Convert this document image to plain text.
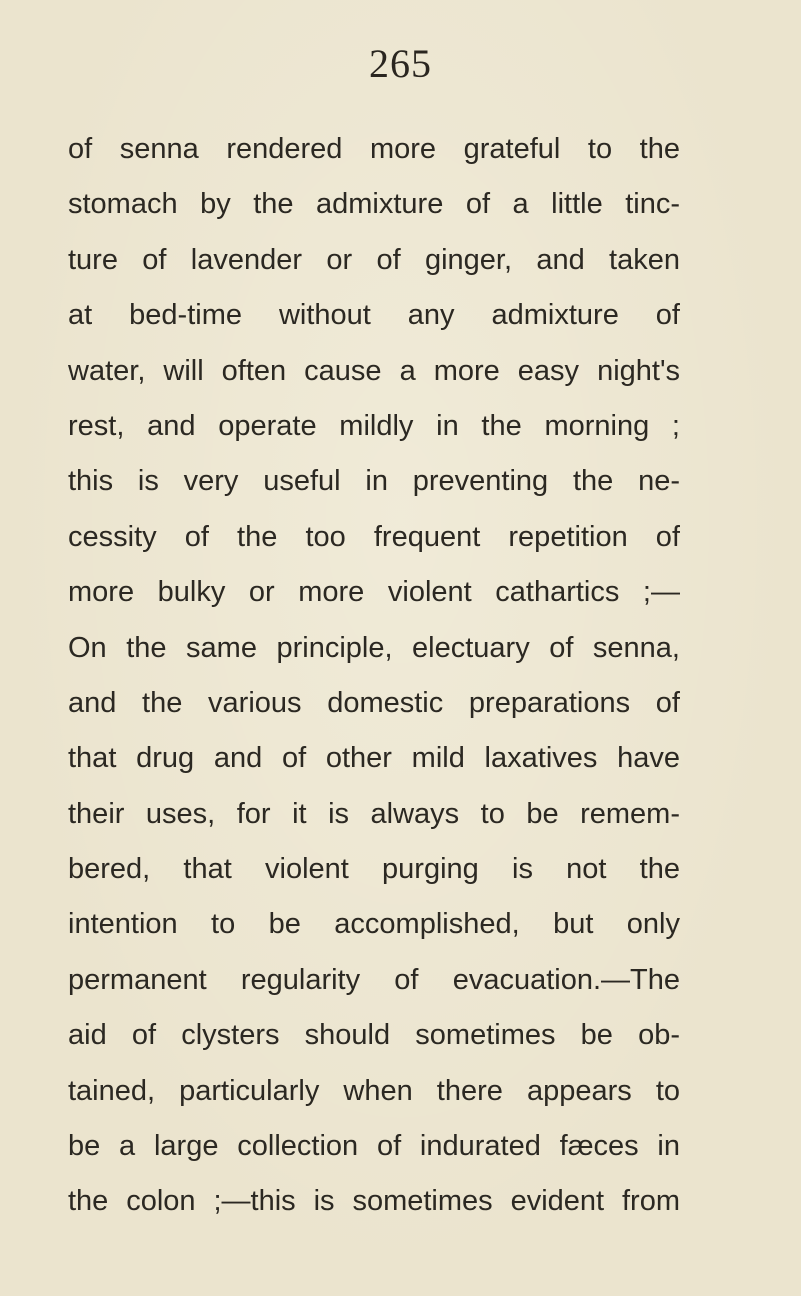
265
of senna rendered more grateful to the
stomach by the admixture of a little tinc-
ture of lavender or of ginger, and taken
at bed-time without any admixture of
water, will often cause a more easy night's
rest, and operate mildly in the morning ;
this is very useful in preventing the ne-
cessity of the too frequent repetition of
more bulky or more violent cathartics ;—
On the same principle, electuary of senna,
and the various domestic preparations of
that drug and of other mild laxatives have
their uses, for it is always to be remem-
bered, that violent purging is not the
intention to be accomplished, but only
permanent regularity of evacuation.—The
aid of clysters should sometimes be ob-
tained, particularly when there appears to
be a large collection of indurated fæces in
the colon ;—this is sometimes evident from
